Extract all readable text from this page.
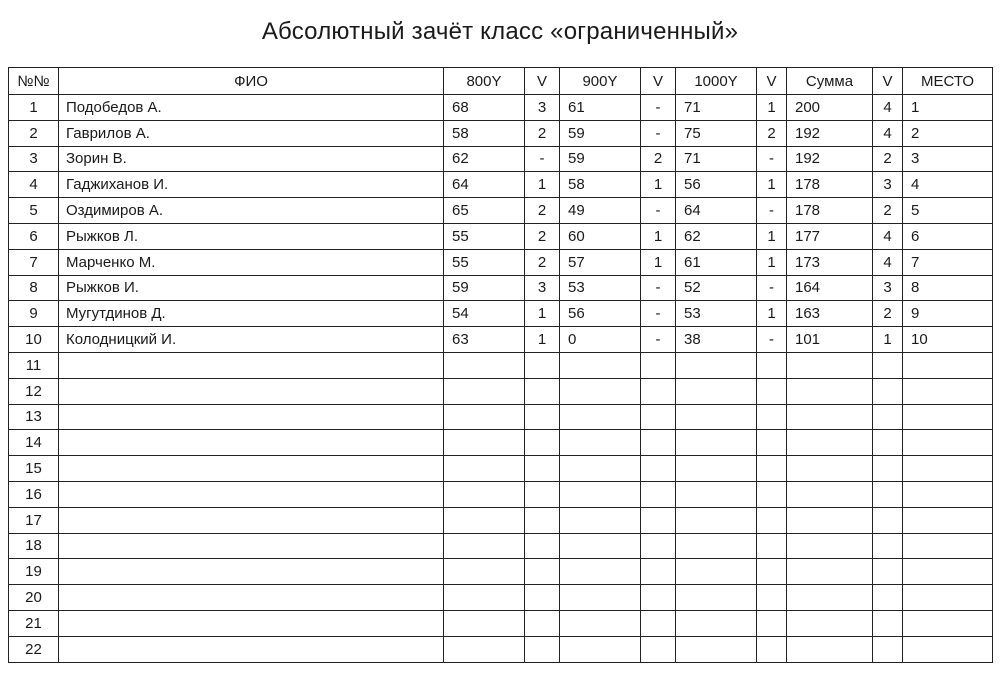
Абсолютный зачёт класс «ограниченный»
№№	ФИО	800Y	V	900Y	V	1000Y	V	Сумма	V	МЕСТО
1	Подобедов А.	68	3	61	-	71	1	200	4	1
2	Гаврилов А.	58	2	59	-	75	2	192	4	2
3	Зорин В.	62	-	59	2	71	-	192	2	3
4	Гаджиханов И.	64	1	58	1	56	1	178	3	4
5	Оздимиров А.	65	2	49	-	64	-	178	2	5
6	Рыжков Л.	55	2	60	1	62	1	177	4	6
7	Марченко М.	55	2	57	1	61	1	173	4	7
8	Рыжков И.	59	3	53	-	52	-	164	3	8
9	Мугутдинов Д.	54	1	56	-	53	1	163	2	9
10	Колодницкий И.	63	1	0	-	38	-	101	1	10
11										
12										
13										
14										
15										
16										
17										
18										
19										
20										
21										
22										
